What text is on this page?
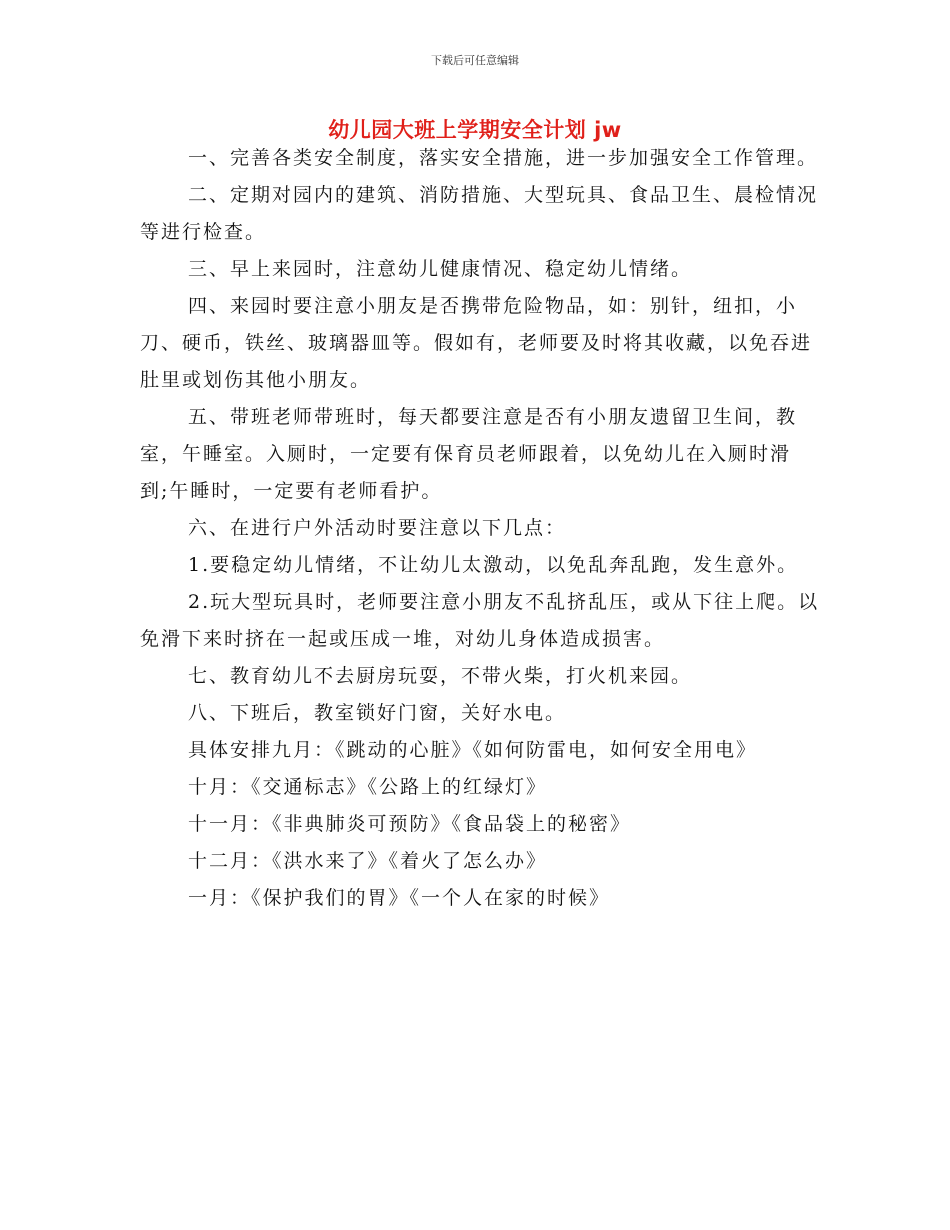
下载后可任意编辑
幼儿园大班上学期安全计划 jw

一、完善各类安全制度，落实安全措施，进一步加强安全工作管理。

二、定期对园内的建筑、消防措施、大型玩具、食品卫生、晨检情况等进行检查。

三、早上来园时，注意幼儿健康情况、稳定幼儿情绪。

四、来园时要注意小朋友是否携带危险物品，如：别针，纽扣，小刀、硬币，铁丝、玻璃器皿等。假如有，老师要及时将其收藏，以免吞进肚里或划伤其他小朋友。

五、带班老师带班时，每天都要注意是否有小朋友遗留卫生间，教室，午睡室。入厕时，一定要有保育员老师跟着，以免幼儿在入厕时滑到;午睡时，一定要有老师看护。

六、在进行户外活动时要注意以下几点：

1.要稳定幼儿情绪，不让幼儿太激动，以免乱奔乱跑，发生意外。

2.玩大型玩具时，老师要注意小朋友不乱挤乱压，或从下往上爬。以免滑下来时挤在一起或压成一堆，对幼儿身体造成损害。

七、教育幼儿不去厨房玩耍，不带火柴，打火机来园。

八、下班后，教室锁好门窗，关好水电。

具体安排九月：《跳动的心脏》《如何防雷电，如何安全用电》

十月：《交通标志》《公路上的红绿灯》

十一月：《非典肺炎可预防》《食品袋上的秘密》

十二月：《洪水来了》《着火了怎么办》

一月：《保护我们的胃》《一个人在家的时候》
